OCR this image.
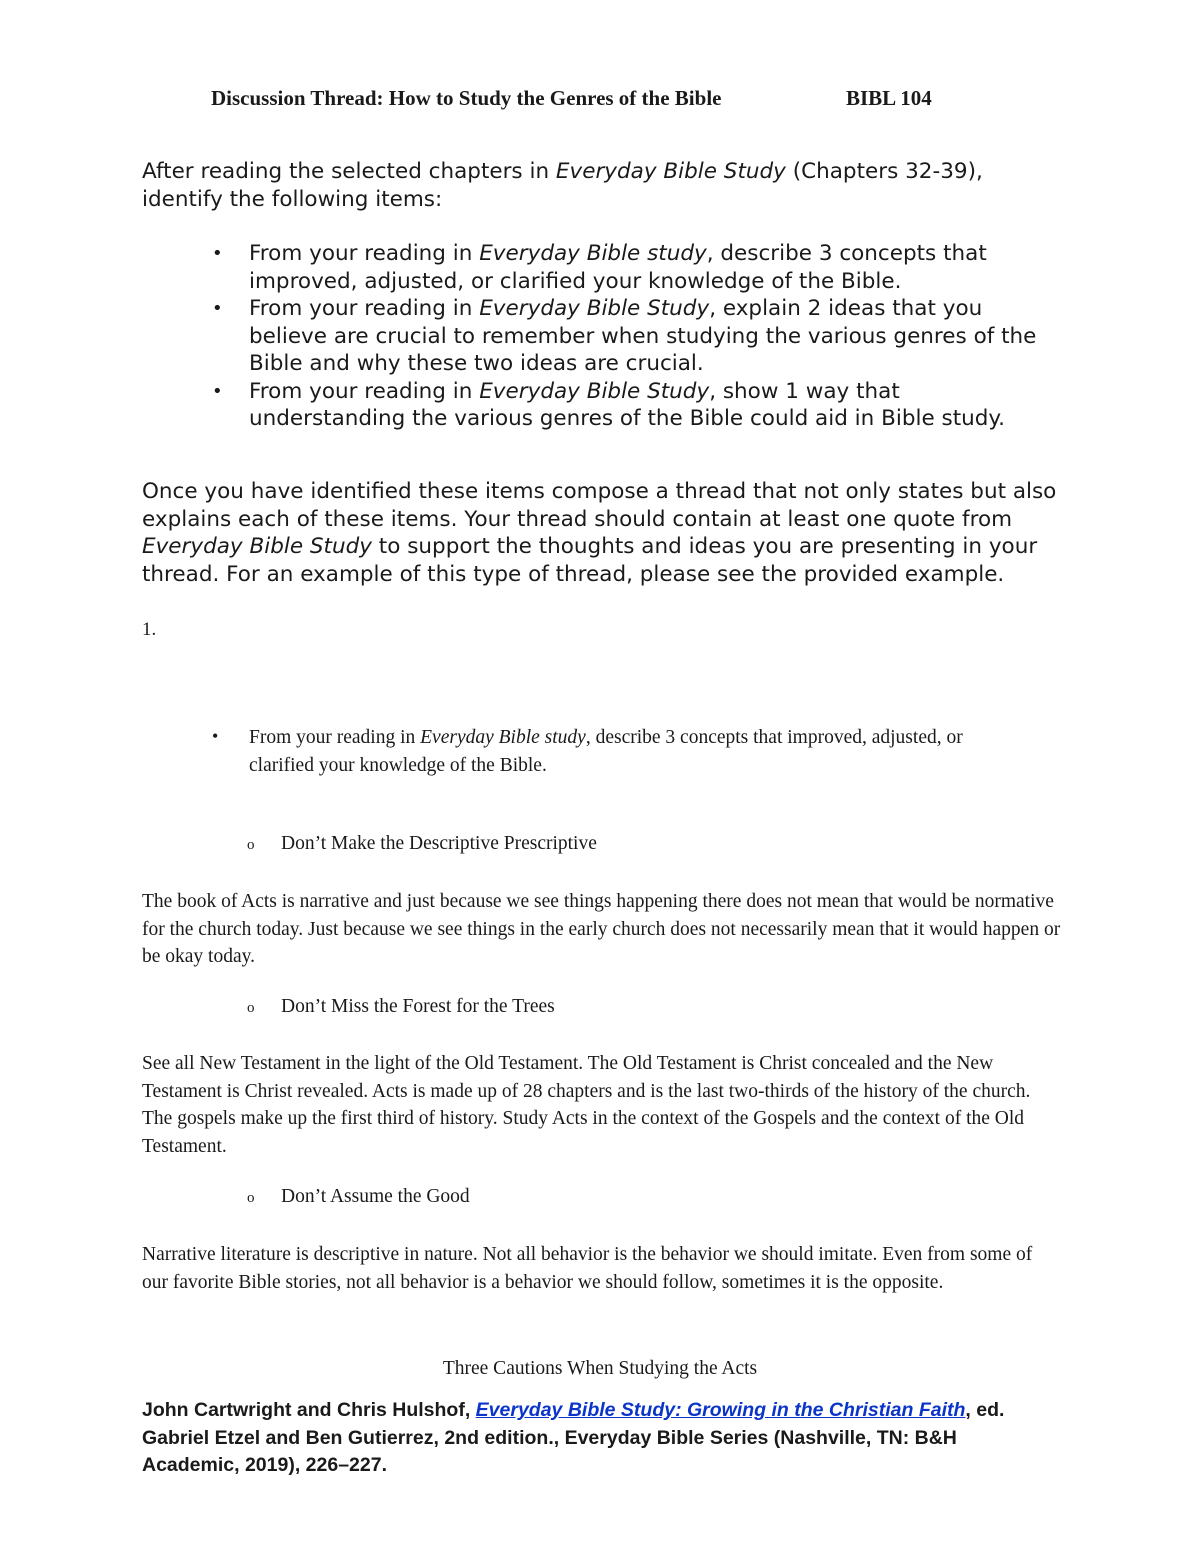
Discussion Thread: How to Study the Genres of the Bible	BIBL 104

After reading the selected chapters in Everyday Bible Study (Chapters 32-39), identify the following items:

• From your reading in Everyday Bible study, describe 3 concepts that improved, adjusted, or clarified your knowledge of the Bible.
• From your reading in Everyday Bible Study, explain 2 ideas that you believe are crucial to remember when studying the various genres of the Bible and why these two ideas are crucial.
• From your reading in Everyday Bible Study, show 1 way that understanding the various genres of the Bible could aid in Bible study.

Once you have identified these items compose a thread that not only states but also explains each of these items. Your thread should contain at least one quote from Everyday Bible Study to support the thoughts and ideas you are presenting in your thread. For an example of this type of thread, please see the provided example.

1.
• From your reading in Everyday Bible study, describe 3 concepts that improved, adjusted, or clarified your knowledge of the Bible.
o Don’t Make the Descriptive Prescriptive

The book of Acts is narrative and just because we see things happening there does not mean that would be normative for the church today. Just because we see things in the early church does not necessarily mean that it would happen or be okay today.

o Don’t Miss the Forest for the Trees

See all New Testament in the light of the Old Testament. The Old Testament is Christ concealed and the New Testament is Christ revealed. Acts is made up of 28 chapters and is the last two-thirds of the history of the church. The gospels make up the first third of history. Study Acts in the context of the Gospels and the context of the Old Testament.

o Don’t Assume the Good

Narrative literature is descriptive in nature. Not all behavior is the behavior we should imitate. Even from some of our favorite Bible stories, not all behavior is a behavior we should follow, sometimes it is the opposite.

Three Cautions When Studying the Acts

John Cartwright and Chris Hulshof, Everyday Bible Study: Growing in the Christian Faith, ed. Gabriel Etzel and Ben Gutierrez, 2nd edition., Everyday Bible Series (Nashville, TN: B&H Academic, 2019), 226–227.
